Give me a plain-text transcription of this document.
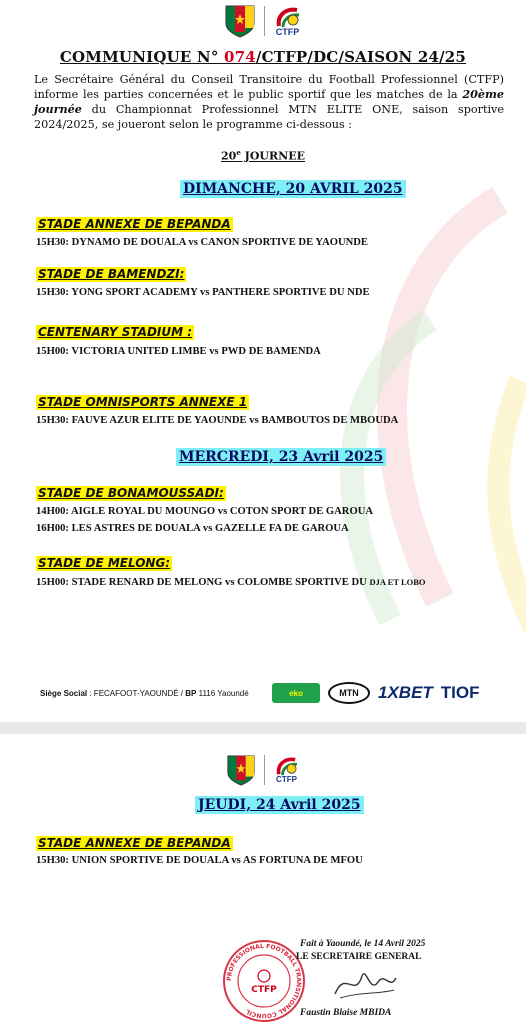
CTFP
COMMUNIQUE N° 074/CTFP/DC/SAISON 24/25
Le Secrétaire Général du Conseil Transitoire du Football Professionnel (CTFP) informe les parties concernées et le public sportif que les matches de la 20ème journée du Championnat Professionnel MTN ELITE ONE, saison sportive 2024/2025, se joueront selon le programme ci-dessous :
20e JOURNEE
DIMANCHE, 20 AVRIL 2025
STADE ANNEXE DE BEPANDA
15H30: DYNAMO DE DOUALA vs CANON SPORTIVE DE YAOUNDE
STADE DE BAMENDZI:
15H30: YONG SPORT ACADEMY vs PANTHERE SPORTIVE DU NDE
CENTENARY STADIUM :
15H00: VICTORIA UNITED LIMBE vs PWD DE BAMENDA
STADE OMNISPORTS ANNEXE 1
15H30: FAUVE AZUR ELITE DE YAOUNDE vs BAMBOUTOS DE MBOUDA
MERCREDI, 23 Avril 2025
STADE DE BONAMOUSSADI:
14H00: AIGLE ROYAL DU MOUNGO vs COTON SPORT DE GAROUA
16H00: LES ASTRES DE DOUALA vs GAZELLE FA DE GAROUA
STADE DE MELONG:
15H00: STADE RENARD DE MELONG vs COLOMBE SPORTIVE DU DJA ET LOBO
Siège Social : FECAFOOT-YAOUNDÉ / BP 1116 Yaoundé	eko	MTN 1XBET TIOF
CTFP
JEUDI, 24 Avril 2025
STADE ANNEXE DE BEPANDA
15H30: UNION SPORTIVE DE DOUALA vs AS FORTUNA DE MFOU
PROFESSIONAL FOOTBALL TRANSITIONAL COUNCIL
CTFP
Fait à Yaoundé, le 14 Avril 2025
LE SECRETAIRE GENERAL
Faustin Blaise MBIDA
